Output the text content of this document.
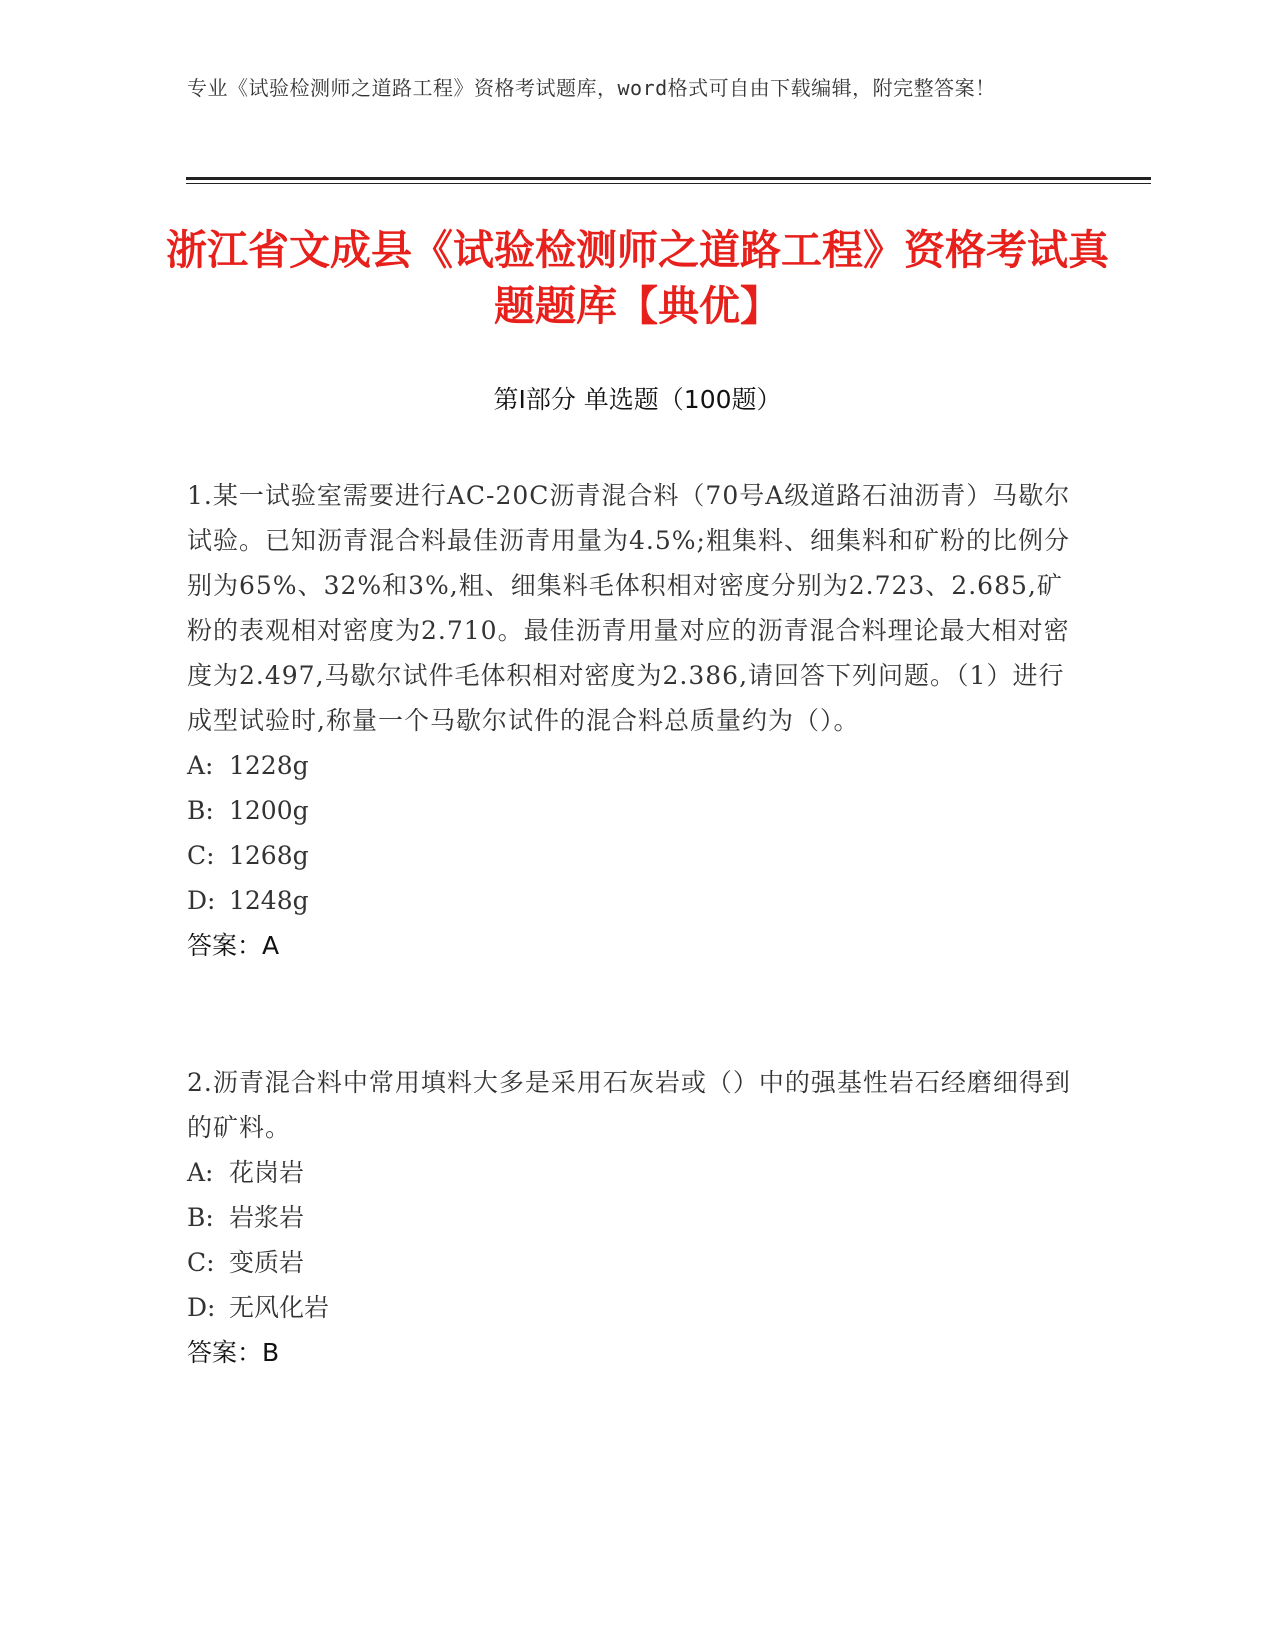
专业《试验检测师之道路工程》资格考试题库，word格式可自由下载编辑，附完整答案！
浙江省文成县《试验检测师之道路工程》资格考试真题题库【典优】
第Ⅰ部分 单选题（100题）
1.某一试验室需要进行AC-20C沥青混合料（70号A级道路石油沥青）马歇尔试验。已知沥青混合料最佳沥青用量为4.5%;粗集料、细集料和矿粉的比例分别为65%、32%和3%,粗、细集料毛体积相对密度分别为2.723、2.685,矿粉的表观相对密度为2.710。最佳沥青用量对应的沥青混合料理论最大相对密度为2.497,马歇尔试件毛体积相对密度为2.386,请回答下列问题。（1）进行成型试验时,称量一个马歇尔试件的混合料总质量约为（）。
A: 1228g
B: 1200g
C: 1268g
D: 1248g
答案：A
2.沥青混合料中常用填料大多是采用石灰岩或（）中的强基性岩石经磨细得到的矿料。
A: 花岗岩
B: 岩浆岩
C: 变质岩
D: 无风化岩
答案：B
